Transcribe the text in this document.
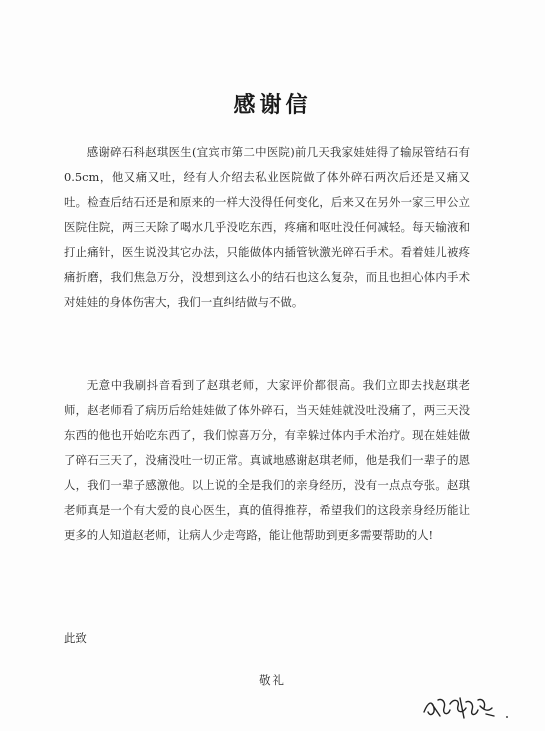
感谢信

感谢碎石科赵琪医生(宜宾市第二中医院)前几天我家娃娃得了输尿管结石有 0.5cm，他又痛又吐，经有人介绍去私业医院做了体外碎石两次后还是又痛又吐。检查后结石还是和原来的一样大没得任何变化，后来又在另外一家三甲公立医院住院，两三天除了喝水几乎没吃东西，疼痛和呕吐没任何减轻。每天输液和打止痛针，医生说没其它办法，只能做体内插管钬激光碎石手术。看着娃儿被疼痛折磨，我们焦急万分，没想到这么小的结石也这么复杂，而且也担心体内手术对娃娃的身体伤害大，我们一直纠结做与不做。

无意中我刷抖音看到了赵琪老师，大家评价都很高。我们立即去找赵琪老师，赵老师看了病历后给娃娃做了体外碎石，当天娃娃就没吐没痛了，两三天没东西的他也开始吃东西了，我们惊喜万分，有幸躲过体内手术治疗。现在娃娃做了碎石三天了，没痛没吐一切正常。真诚地感谢赵琪老师，他是我们一辈子的恩人，我们一辈子感激他。以上说的全是我们的亲身经历，没有一点点夸张。赵琪老师真是一个有大爱的良心医生，真的值得推荐，希望我们的这段亲身经历能让更多的人知道赵老师，让病人少走弯路，能让他帮助到更多需要帮助的人!

此致
敬礼
